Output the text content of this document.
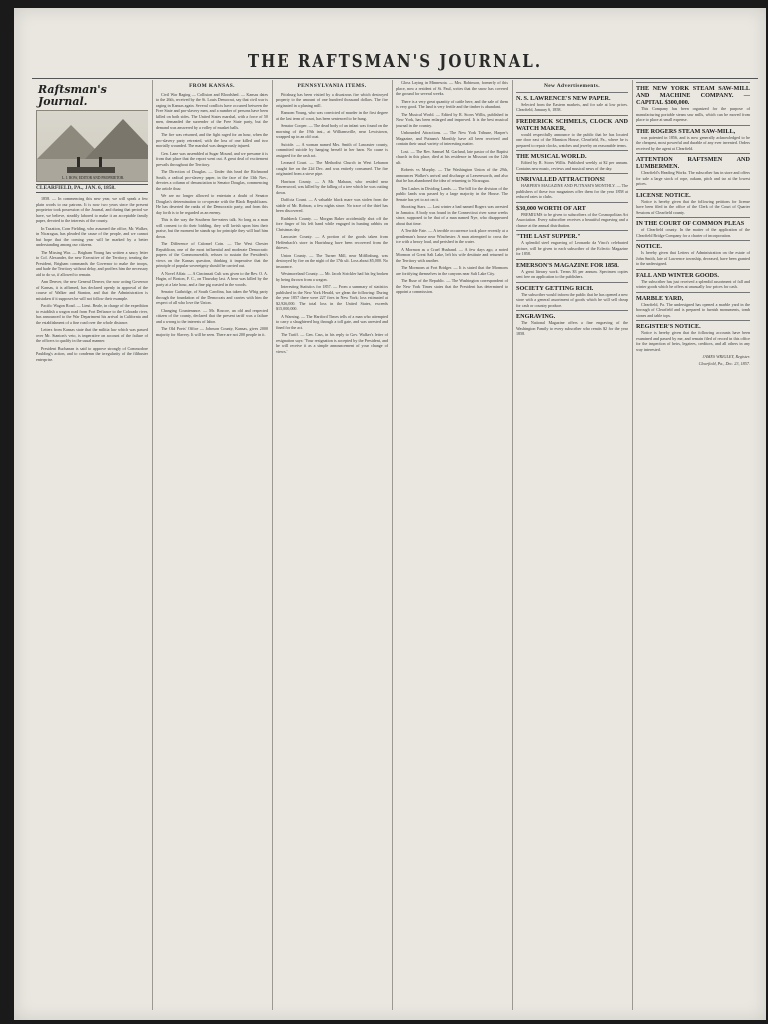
THE RAFTSMAN'S JOURNAL.
Raftsman's Journal.
L. J. ROW, EDITOR AND PROPRIETOR.
CLEARFIELD, PA., JAN. 6, 1858.

1858. — In commencing this new year, we will speak a few plain words to our patrons. It is now two years since the present proprietor took possession of the Journal, and during that period we have, we believe, steadily labored to make it an acceptable family paper, devoted to the interests of the county.

In Taxation, Corn Fielding, who assumed the office, Mr. Walker, in Nicaragua, has pleaded the cause of the people, and we cannot but hope that the coming year will be marked by a better understanding among our citizens.

The Missing War. — Brigham Young has written a saucy letter to Col. Alexander, the new Executive of the Territory, treating the President, Brigham commands the Governor to make the troops, and bade the Territory without delay, and proffers him the necessary aid to do so, if allowed to remain.

Ann Denver, the new General Denver, the now acting Governor of Kansas, it is affirmed, has declared openly in approval of the course of Walker and Stanton, and that the Administration is mistaken if it supposes he will not follow their example.

Pacific Wagon Road. — Lieut. Beale, in charge of the expedition to establish a wagon road from Fort Defiance to the Colorado river, has announced to the War Department his arrival in California and the establishment of a fine road over the whole distance.

Letters from Kansas state that the militia law which was passed over Mr. Stanton's veto, is imperative on account of the failure of the officers to qualify in the usual manner.

President Buchanan is said to approve strongly of Commodore Paulding's action, and to condemn the irregularity of the filibuster enterprise.

FROM KANSAS.

Civil War Raging — Collision and Bloodshed. — Kansas dates to the 26th, received by the St. Louis Democrat, say that civil war is raging in Kansas again. Several conflicts have occurred between the Free State and pro-slavery men, and a number of persons have been killed on both sides. The United States marshal, with a force of 50 men, demanded the surrender of the Free State party, but the demand was answered by a volley of musket balls.

The fire was returned, and the fight raged for an hour, when the pro-slavery party retreated, with the loss of one killed and two mortally wounded. The marshal was dangerously injured.

Gen. Lane was assembled at Sugar Mound, and we presume it is from that place that the report went out. A great deal of excitement prevails throughout the Territory.

The Direction of Douglas. — Under this head the Richmond South, a radical pro-slavery paper, in the face of the 13th Nov., devotes a column of denunciation to Senator Douglas, commencing the article thus:

We are no longer allowed to entertain a doubt of Senator Douglas's determination to co-operate with the Black Republicans. He has deserted the ranks of the Democratic party, and from this day forth is to be regarded as an enemy.

This is the way the Southern fire-eaters talk. So long as a man will consent to do their bidding, they will lavish upon him their praise, but the moment he stands up for principle they will hurl him down.

The Difference of Calomel Coin. — The West Chester Republican, one of the most influential and moderate Democratic papers of the Commonwealth, refuses to sustain the President's views on the Kansas question, thinking it imperative that the principle of popular sovereignty should be carried out.

A Novel Affair. — A Cincinnati Cult was given to the Rev. O. A. Hagin, of Boston, F. C., on Thursday last. A bear was killed by the party at a late hour, and a fine pig roasted in the woods.

Senator Guthridge, of South Carolina, has taken the Whig party through the foundation of the Democrats and carries with him the respect of all who love the Union.

Changing Countenance. — Mr. Roscoe, an old and respected citizen of the county, declared that the present tariff was a failure and a wrong to the interests of labor.

The Old Poets' Office — Johnson County, Kansas, gives 2000 majority for Slavery. It will be seen. There are not 200 people in it.

PENNSYLVANIA ITEMS.

Pittsburg has been visited by a disastrous fire which destroyed property to the amount of one hundred thousand dollars. The fire originated in a planing mill.

Ransom Young, who was convicted of murder in the first degree at the last term of court, has been sentenced to be hung.

Senator Cooper. — The dead body of an infant was found on the morning of the 19th inst., at Williamsville, near Lewistown, wrapped up in an old coat.

Suicide. — A woman named Mrs. Smith of Lancaster county, committed suicide by hanging herself in her barn. No cause is assigned for the rash act.

Leonard Court. — The Methodist Church in West Lebanon caught fire on the 22d Dec. and was entirely consumed. The fire originated from a stove pipe.

Harrison County. — A Mr. Mahaan, who resided near Ravenwood, was killed by the falling of a tree which he was cutting down.

Dafficia Count. — A valuable black mare was stolen from the stable of Mr. Robson, a few nights since. No trace of the thief has been discovered.

Rudsbeck County. — Morgan Baker accidentally shot off the fore finger of his left hand while engaged in hunting rabbits on Christmas day.

Lancaster County. — A portion of the goods taken from Heffenbach's store in Harrisburg have been recovered from the thieves.

Union County. — The Turner Mill, near Mifflinburg, was destroyed by fire on the night of the 17th ult. Loss about $5,000. No insurance.

Westmoreland County. — Mr. Jacob Strickler had his leg broken by being thrown from a wagon.

Interesting Statistics for 1857. — From a summary of statistics published in the New York Herald, we glean the following: During the year 1857 there were 227 fires in New York; loss estimated at $2,926,000. The total loss in the United States, exceeds $15,000,000.

A Warning. — The Hartford Times tells of a man who attempted to carry a slaughtered hog through a toll gate, and was arrested and fined for the act.

The Tariff. — Gen. Cass, in his reply to Gov. Walker's letter of resignation says: 'Your resignation is accepted by the President, and he will receive it as a simple announcement of your change of views.'

Gloss Laying in Minnesota. — Mrs. Robinson, formerly of this place, now a resident of St. Paul, writes that the snow has covered the ground for several weeks.

There is a very great quantity of cattle here, and the sale of them is very good. The land is very fertile and the timber is abundant.

The Musical World. — Edited by R. Storrs Willis, published in New York, has been enlarged and improved. It is the best musical journal in the country.

Unbounded Attractions. — The New York Tribune, Harper's Magazine, and Putnam's Monthly have all been received and contain their usual variety of interesting matter.

Lost. — The Rev. Samuel M. Garland, late pastor of the Baptist church in this place, died at his residence in Missouri on the 12th ult.

Roberts vs Murphy. — The Washington Union of the 29th, announces Walker's arrival and discharge at Leavenworth, and also that he has abandoned the idea of returning to Nicaragua.

Ten Lashes in Dividing Lands. — The bill for the division of the public lands was passed by a large majority in the House. The Senate has yet to act on it.

Shooting Stars. — Last winter a bad named Rogers was arrested in Jamaica. A body was found in the Connecticut river some weeks since, supposed to be that of a man named Nye, who disappeared about that time.

A Terrible Fate. — A terrible occurrence took place recently at a gentleman's house near Winchester. A man attempted to cross the ice with a heavy load, and perished in the water.

A Mormon as a Cruel Husband. — A few days ago, a noted Mormon of Great Salt Lake, left his wife destitute and returned to the Territory with another.

The Mormons at Fort Bridger. — It is stated that the Mormons are fortifying themselves in the canyons near Salt Lake City.

The Ruse of the Republic. — The Washington correspondent of the New York Times states that the President has determined to appoint a commission.

New Advertisements.
N. S. LAWRENCE'S NEW PAPER.

Selected from the Eastern markets, and for sale at low prices. Clearfield, January 6, 1858.

FREDERICK SCHMELS, CLOCK AND WATCH MAKER,

would respectfully announce to the public that he has located one door east of the Mansion House, Clearfield, Pa., where he is prepared to repair clocks, watches and jewelry on reasonable terms.

THE MUSICAL WORLD.

Edited by R. Storrs Willis. Published weekly at $2 per annum. Contains new music, reviews and musical news of the day.

UNRIVALLED ATTRACTIONS!

HARPER'S MAGAZINE AND PUTNAM'S MONTHLY. — The publishers of these two magazines offer them for the year 1858 at reduced rates to clubs.

$30,000 WORTH OF ART

PREMIUMS to be given to subscribers of the Cosmopolitan Art Association. Every subscriber receives a beautiful engraving and a chance at the annual distribution.

"THE LAST SUPPER."

A splendid steel engraving of Leonardo da Vinci's celebrated picture, will be given to each subscriber of the Eclectic Magazine for 1858.

EMERSON'S MAGAZINE FOR 1858.

A great literary work. Terms $3 per annum. Specimen copies sent free on application to the publishers.

SOCIETY GETTING RICH.

The subscriber would inform the public that he has opened a new store with a general assortment of goods which he will sell cheap for cash or country produce.

ENGRAVING.

The National Magazine offers a fine engraving of the Washington Family to every subscriber who remits $2 for the year 1858.

THE NEW YORK STEAM SAW-MILL AND MACHINE COMPANY. — CAPITAL $300,000.

This Company has been organized for the purpose of manufacturing portable steam saw mills, which can be moved from place to place at small expense.

THE ROGERS STEAM SAW-MILL,

was patented in 1856, and is now generally acknowledged to be the cheapest, most powerful and durable of any ever invented. Orders received by the agent at Clearfield.

ATTENTION RAFTSMEN AND LUMBERMEN.

Clearfield's Heading Works. The subscriber has in store and offers for sale a large stock of rope, oakum, pitch and tar at the lowest prices.

LICENSE NOTICE.

Notice is hereby given that the following petitions for license have been filed in the office of the Clerk of the Court of Quarter Sessions of Clearfield county.

IN THE COURT OF COMMON PLEAS

of Clearfield county. In the matter of the application of the Clearfield Bridge Company for a charter of incorporation.

NOTICE.

Is hereby given that Letters of Administration on the estate of John Smith, late of Lawrence township, deceased, have been granted to the undersigned.

FALL AND WINTER GOODS.

The subscriber has just received a splendid assortment of fall and winter goods which he offers at unusually low prices for cash.

MARBLE YARD,

Clearfield, Pa. The undersigned has opened a marble yard in the borough of Clearfield and is prepared to furnish monuments, tomb stones and table tops.

REGISTER'S NOTICE.

Notice is hereby given that the following accounts have been examined and passed by me, and remain filed of record in this office for the inspection of heirs, legatees, creditors, and all others in any way interested.

JAMES WRIGLEY, Register.
Clearfield, Pa., Dec. 23, 1857.
